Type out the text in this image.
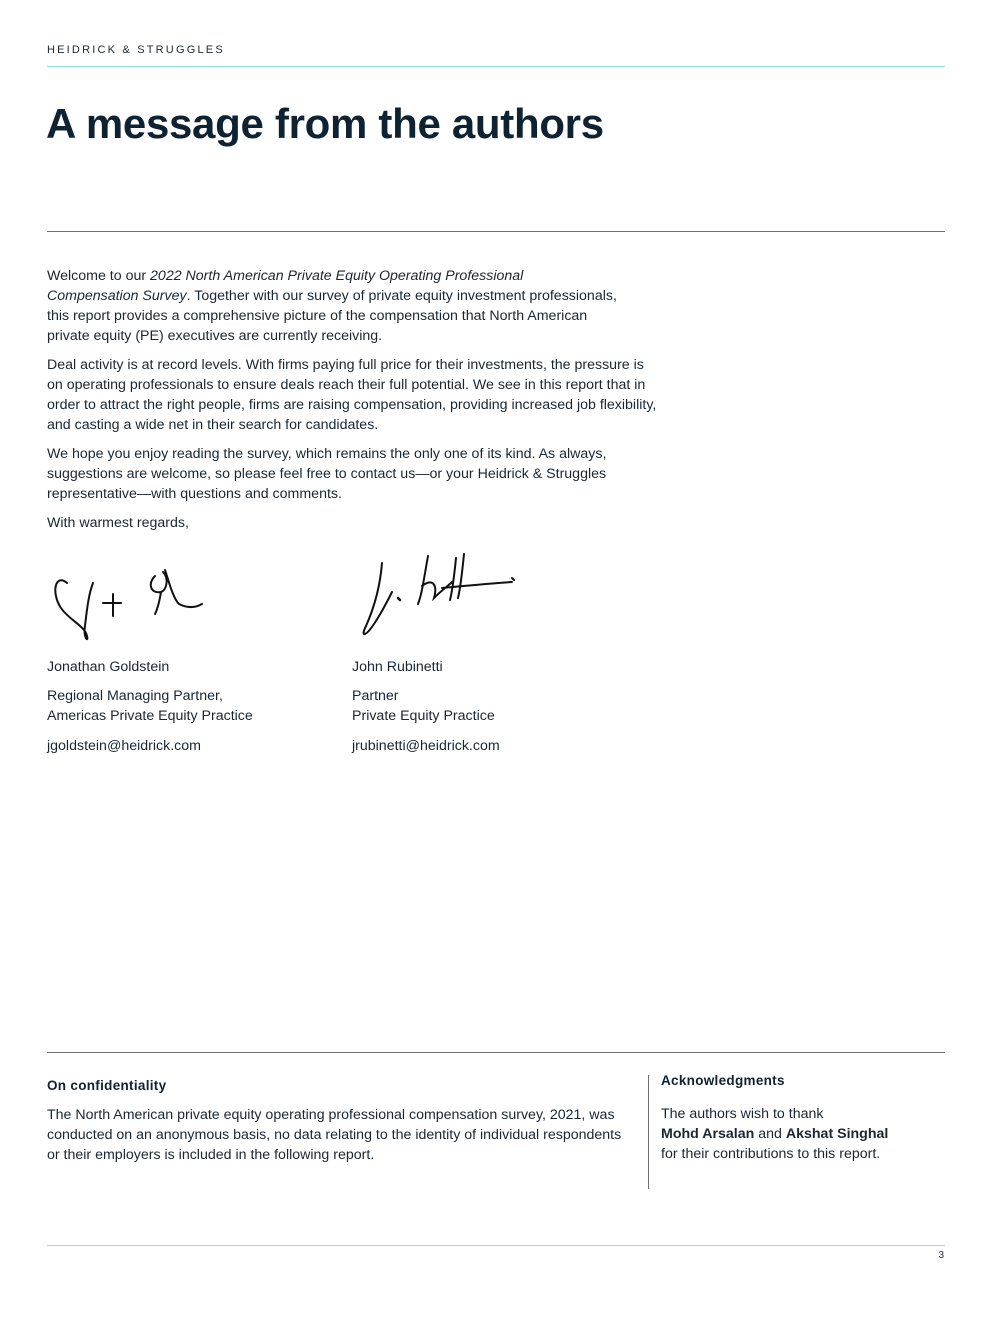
HEIDRICK & STRUGGLES
A message from the authors

Welcome to our 2022 North American Private Equity Operating Professional Compensation Survey. Together with our survey of private equity investment professionals, this report provides a comprehensive picture of the compensation that North American private equity (PE) executives are currently receiving.

Deal activity is at record levels. With firms paying full price for their investments, the pressure is on operating professionals to ensure deals reach their full potential. We see in this report that in order to attract the right people, firms are raising compensation, providing increased job flexibility, and casting a wide net in their search for candidates.

We hope you enjoy reading the survey, which remains the only one of its kind. As always, suggestions are welcome, so please feel free to contact us—or your Heidrick & Struggles representative—with questions and comments.

With warmest regards,

Jonathan Goldstein
Regional Managing Partner,
Americas Private Equity Practice
jgoldstein@heidrick.com
John Rubinetti
Partner
Private Equity Practice
jrubinetti@heidrick.com
On confidentiality
The North American private equity operating professional compensation survey, 2021, was conducted on an anonymous basis, no data relating to the identity of individual respondents or their employers is included in the following report.
Acknowledgments
The authors wish to thank
Mohd Arsalan and Akshat Singhal
for their contributions to this report.
3
